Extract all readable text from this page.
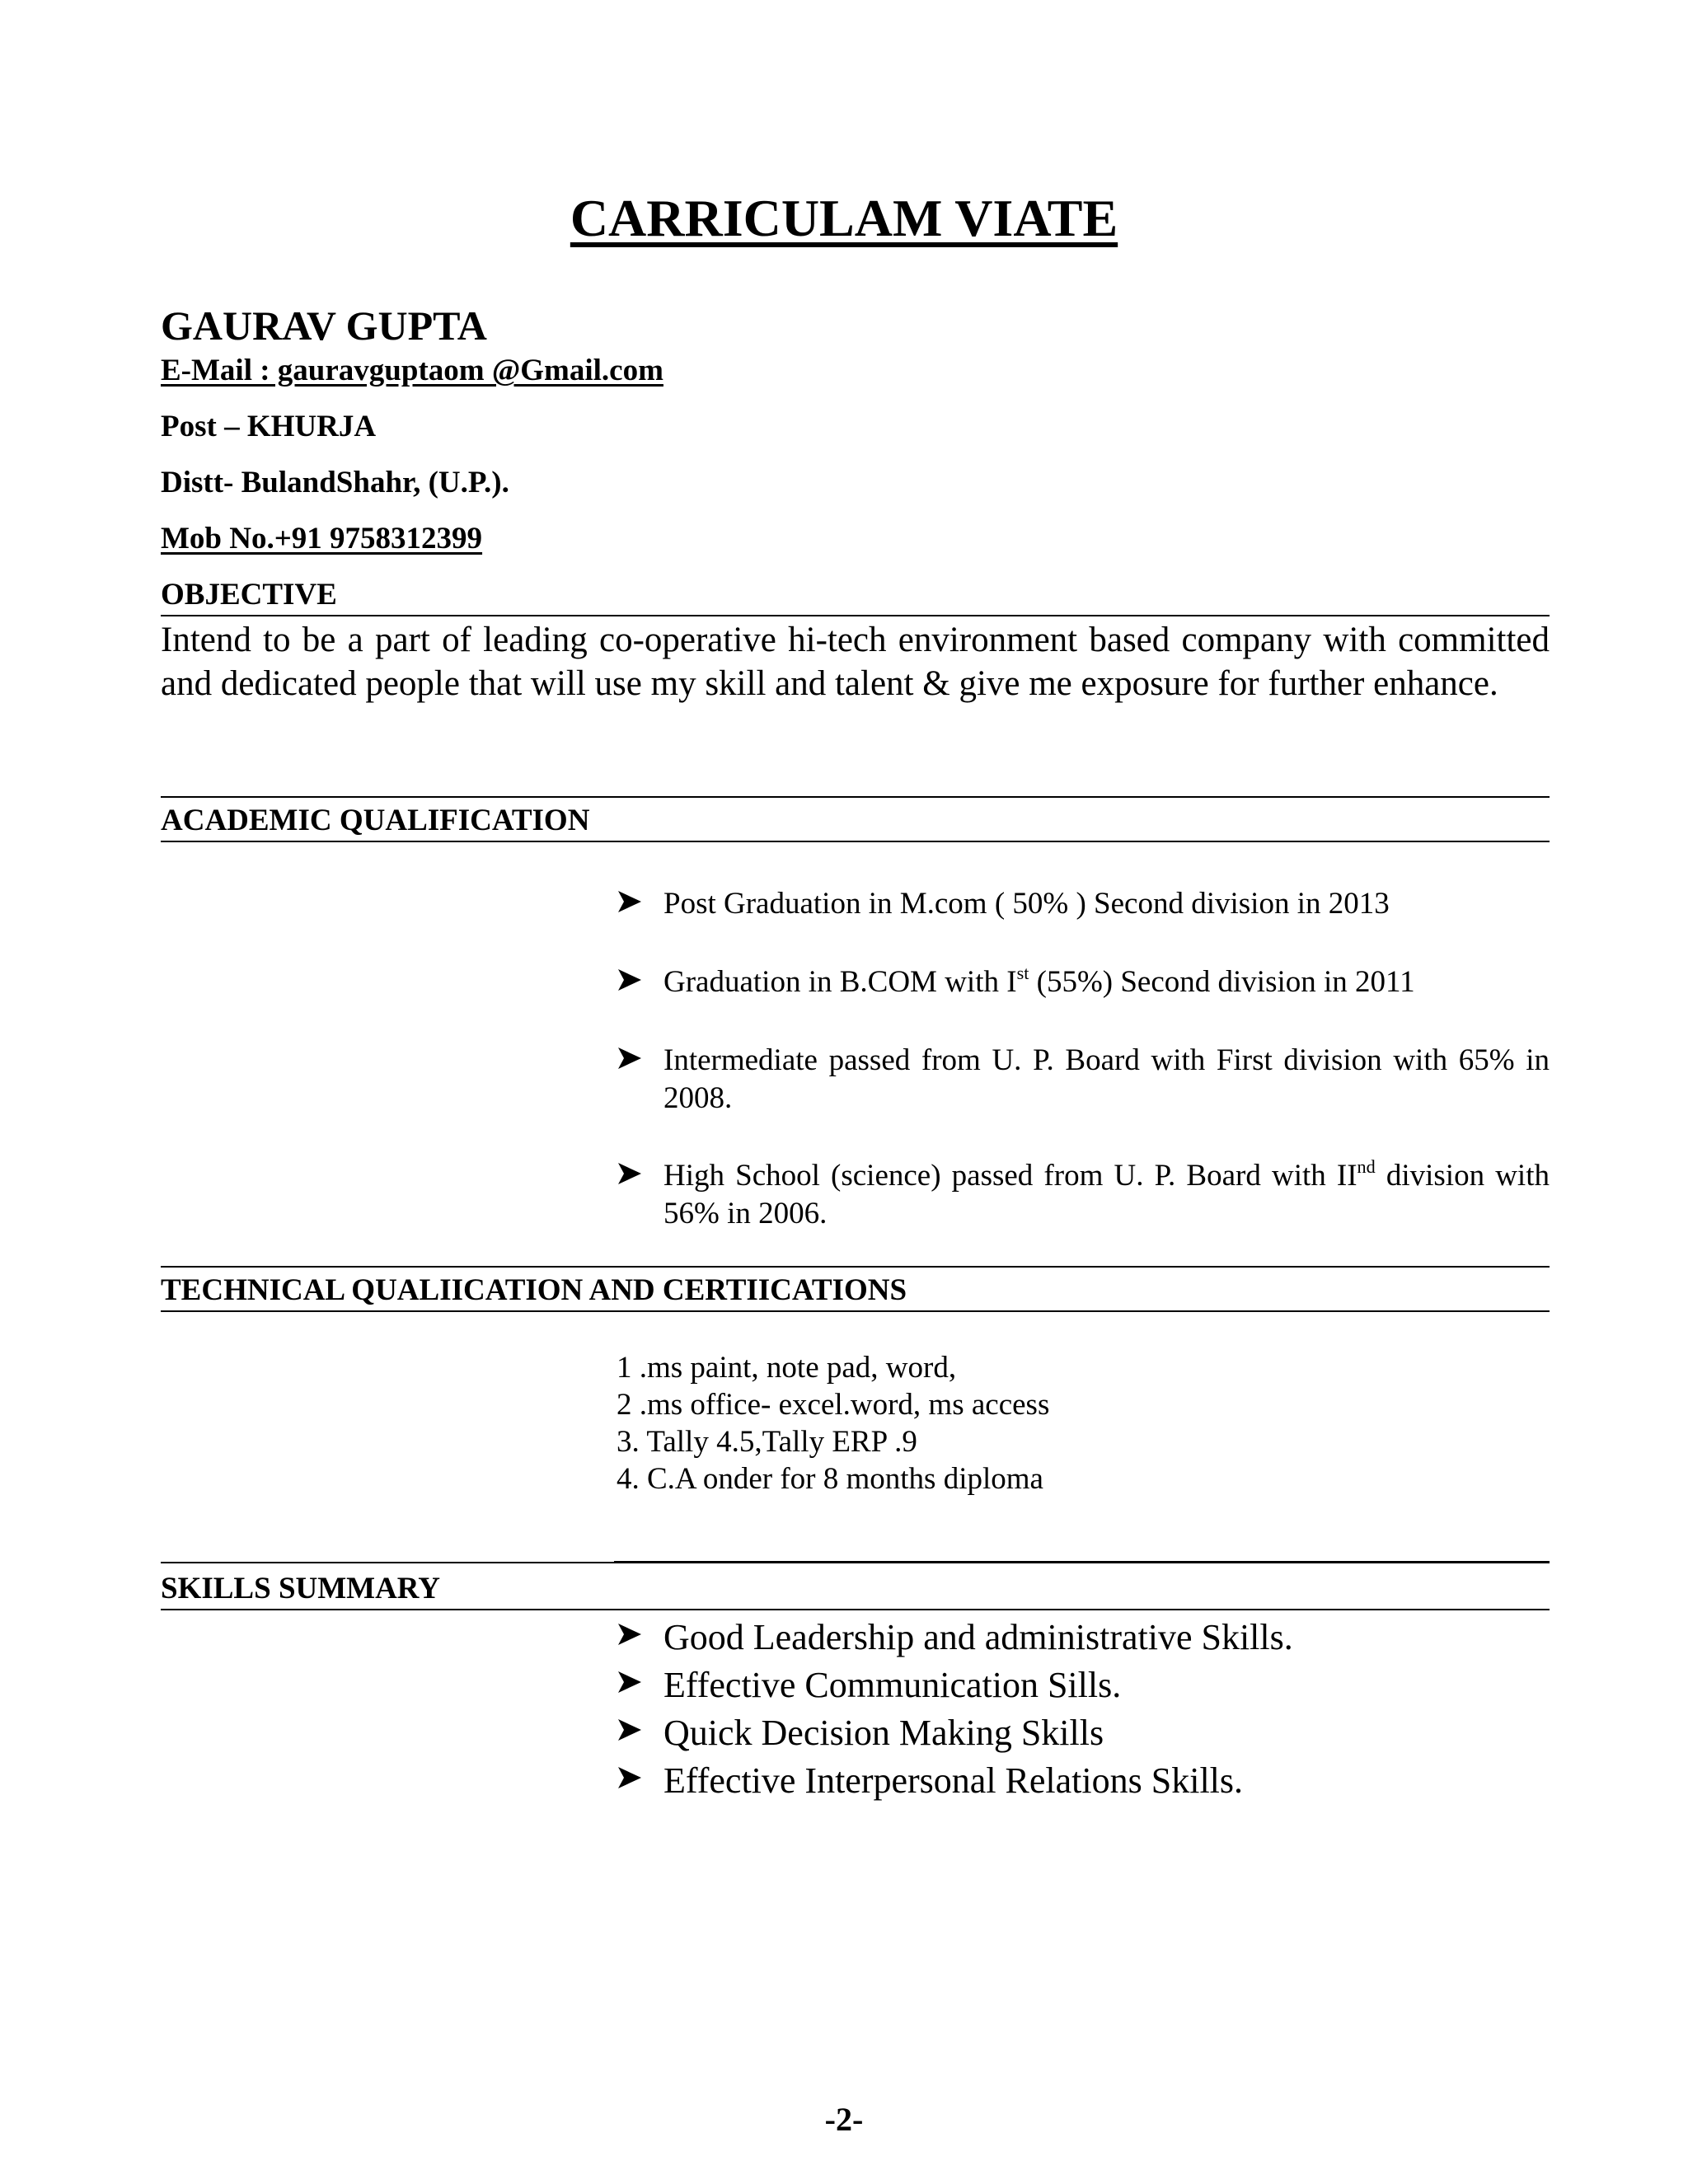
CARRICULAM VIATE
GAURAV GUPTA
E-Mail : gauravguptaom @Gmail.com
Post – KHURJA
Distt- BulandShahr, (U.P.).
Mob No.+91 9758312399
OBJECTIVE
Intend to be a part of leading co-operative hi-tech environment based company with committed and dedicated people that will use my skill and talent & give me exposure for further enhance.
ACADEMIC QUALIFICATION
Post Graduation in M.com ( 50% ) Second division in 2013
Graduation in B.COM with Ist (55%) Second division in 2011
Intermediate passed from U. P. Board with First division with 65% in 2008.
High School (science) passed from U. P. Board with IInd division with 56% in 2006.
TECHNICAL QUALIICATION AND CERTIICATIONS
1 .ms paint, note pad, word,
2 .ms office- excel.word, ms access
3. Tally 4.5,Tally ERP .9
4. C.A onder for 8 months diploma
SKILLS SUMMARY
Good Leadership and administrative Skills.
Effective Communication Sills.
Quick Decision Making Skills
Effective Interpersonal Relations Skills.
-2-
